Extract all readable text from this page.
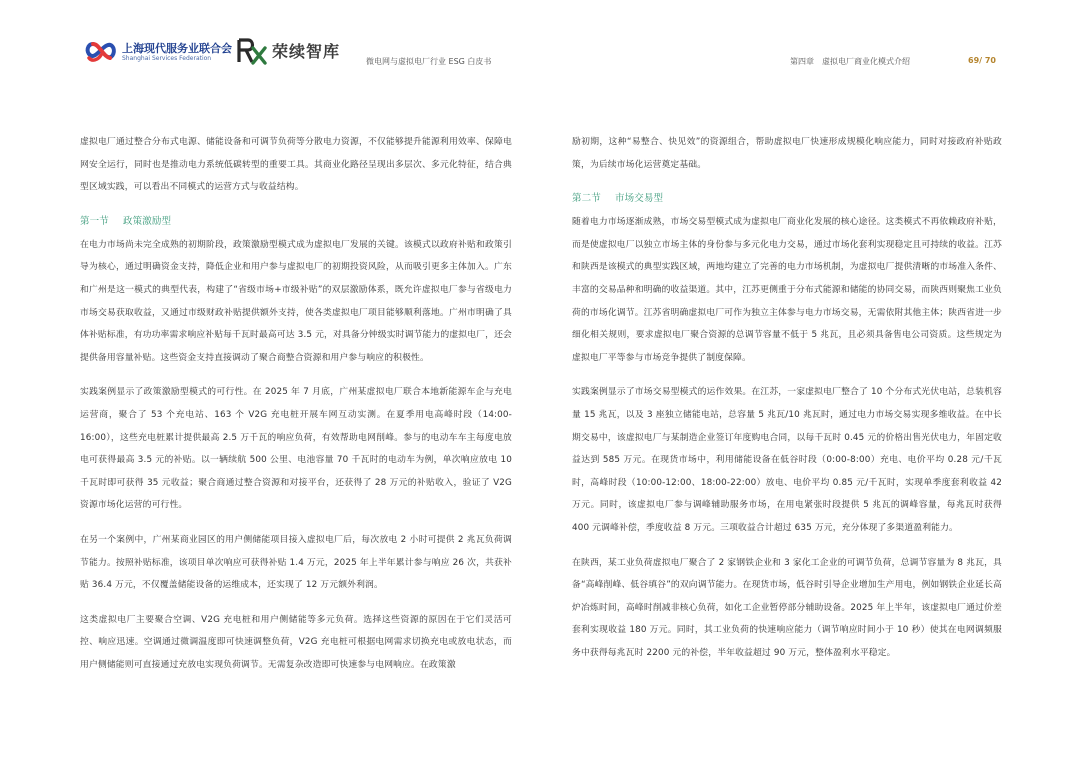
上海现代服务业联合会
Shanghai Services Federation	荣续智库
微电网与虚拟电厂行业 ESG 白皮书	第四章　虚拟电厂商业化模式介绍	69/ 70

虚拟电厂通过整合分布式电源、储能设备和可调节负荷等分散电力资源，不仅能够提升能源利用效率、保障电网安全运行，同时也是推动电力系统低碳转型的重要工具。其商业化路径呈现出多层次、多元化特征，结合典型区域实践，可以看出不同模式的运营方式与收益结构。

第一节 政策激励型

在电力市场尚未完全成熟的初期阶段，政策激励型模式成为虚拟电厂发展的关键。该模式以政府补贴和政策引导为核心，通过明确资金支持，降低企业和用户参与虚拟电厂的初期投资风险，从而吸引更多主体加入。广东和广州是这一模式的典型代表，构建了“省级市场+市级补贴”的双层激励体系，既允许虚拟电厂参与省级电力市场交易获取收益，又通过市级财政补贴提供额外支持，使各类虚拟电厂项目能够顺利落地。广州市明确了具体补贴标准，有功功率需求响应补贴每千瓦时最高可达 3.5 元，对具备分钟级实时调节能力的虚拟电厂，还会提供备用容量补贴。这些资金支持直接调动了聚合商整合资源和用户参与响应的积极性。

实践案例显示了政策激励型模式的可行性。在 2025 年 7 月底，广州某虚拟电厂联合本地新能源车企与充电运营商，聚合了 53 个充电站、163 个 V2G 充电桩开展车网互动实测。在夏季用电高峰时段（14:00-16:00），这些充电桩累计提供最高 2.5 万千瓦的响应负荷，有效帮助电网削峰。参与的电动车车主每度电放电可获得最高 3.5 元的补贴。以一辆续航 500 公里、电池容量 70 千瓦时的电动车为例，单次响应放电 10 千瓦时即可获得 35 元收益；聚合商通过整合资源和对接平台，还获得了 28 万元的补贴收入，验证了 V2G 资源市场化运营的可行性。

在另一个案例中，广州某商业园区的用户侧储能项目接入虚拟电厂后，每次放电 2 小时可提供 2 兆瓦负荷调节能力。按照补贴标准，该项目单次响应可获得补贴 1.4 万元，2025 年上半年累计参与响应 26 次，共获补贴 36.4 万元，不仅覆盖储能设备的运维成本，还实现了 12 万元额外利润。

这类虚拟电厂主要聚合空调、V2G 充电桩和用户侧储能等多元负荷。选择这些资源的原因在于它们灵活可控、响应迅速。空调通过微调温度即可快速调整负荷，V2G 充电桩可根据电网需求切换充电或放电状态，而用户侧储能则可直接通过充放电实现负荷调节。无需复杂改造即可快速参与电网响应。在政策激

励初期，这种“易整合、快见效”的资源组合，帮助虚拟电厂快速形成规模化响应能力，同时对接政府补贴政策，为后续市场化运营奠定基础。

第二节 市场交易型

随着电力市场逐渐成熟，市场交易型模式成为虚拟电厂商业化发展的核心途径。这类模式不再依赖政府补贴，而是使虚拟电厂以独立市场主体的身份参与多元化电力交易，通过市场化套利实现稳定且可持续的收益。江苏和陕西是该模式的典型实践区域，两地均建立了完善的电力市场机制，为虚拟电厂提供清晰的市场准入条件、丰富的交易品种和明确的收益渠道。其中，江苏更侧重于分布式能源和储能的协同交易，而陕西则聚焦工业负荷的市场化调节。江苏省明确虚拟电厂可作为独立主体参与电力市场交易，无需依附其他主体；陕西省进一步细化相关规则，要求虚拟电厂聚合资源的总调节容量不低于 5 兆瓦，且必须具备售电公司资质。这些规定为虚拟电厂平等参与市场竞争提供了制度保障。

实践案例显示了市场交易型模式的运作效果。在江苏，一家虚拟电厂整合了 10 个分布式光伏电站，总装机容量 15 兆瓦，以及 3 座独立储能电站，总容量 5 兆瓦/10 兆瓦时，通过电力市场交易实现多维收益。在中长期交易中，该虚拟电厂与某制造企业签订年度购电合同，以每千瓦时 0.45 元的价格出售光伏电力，年固定收益达到 585 万元。在现货市场中，利用储能设备在低谷时段（0:00-8:00）充电、电价平均 0.28 元/千瓦时，高峰时段（10:00-12:00、18:00-22:00）放电、电价平均 0.85 元/千瓦时，实现单季度套利收益 42 万元。同时，该虚拟电厂参与调峰辅助服务市场，在用电紧张时段提供 5 兆瓦的调峰容量，每兆瓦时获得 400 元调峰补偿，季度收益 8 万元。三项收益合计超过 635 万元，充分体现了多渠道盈利能力。

在陕西，某工业负荷虚拟电厂聚合了 2 家钢铁企业和 3 家化工企业的可调节负荷，总调节容量为 8 兆瓦，具备“高峰削峰、低谷填谷”的双向调节能力。在现货市场，低谷时引导企业增加生产用电，例如钢铁企业延长高炉冶炼时间，高峰时削减非核心负荷，如化工企业暂停部分辅助设备。2025 年上半年，该虚拟电厂通过价差套利实现收益 180 万元。同时，其工业负荷的快速响应能力（调节响应时间小于 10 秒）使其在电网调频服务中获得每兆瓦时 2200 元的补偿，半年收益超过 90 万元，整体盈利水平稳定。
